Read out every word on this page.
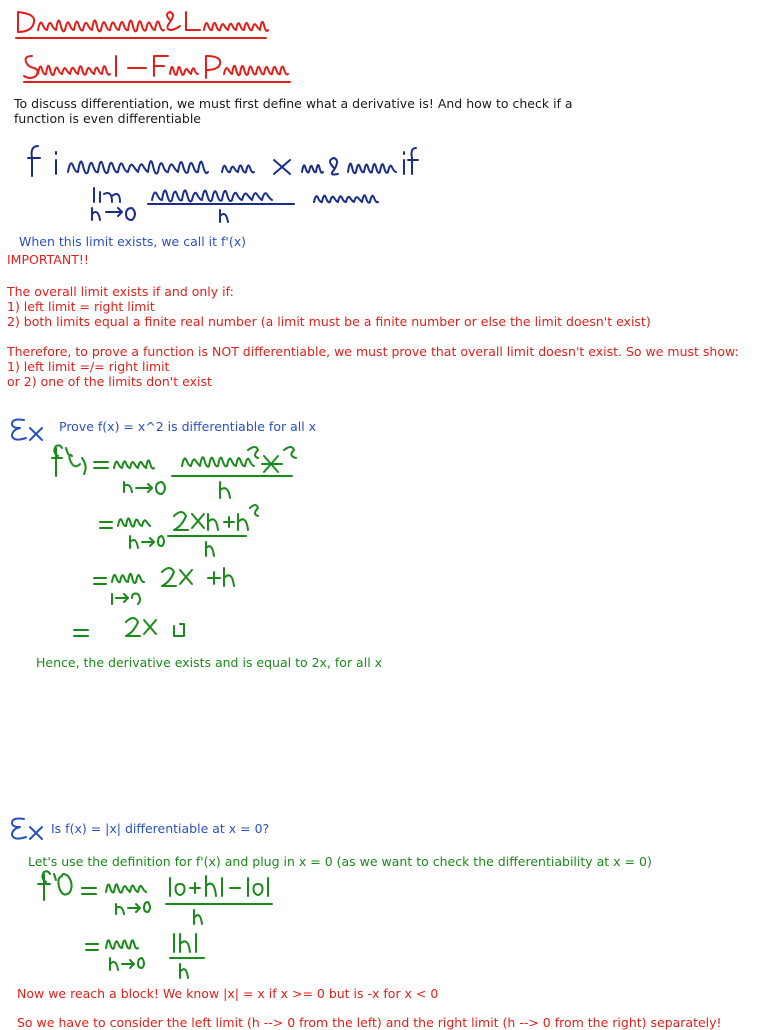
To discuss differentiation, we must first define what a derivative is! And how to check if a

function is even differentiable

When this limit exists, we call it f'(x)

IMPORTANT!!

The overall limit exists if and only if:

1) left limit = right limit

2) both limits equal a finite real number (a limit must be a finite number or else the limit doesn't exist)

Therefore, to prove a function is NOT differentiable, we must prove that overall limit doesn't exist. So we must show:

1) left limit =/= right limit

or 2) one of the limits don't exist

Prove f(x) = x^2 is differentiable for all x

Hence, the derivative exists and is equal to 2x, for all x

Is f(x) = |x| differentiable at x = 0?

Let's use the definition for f'(x) and plug in x = 0 (as we want to check the differentiability at x = 0)

Now we reach a block! We know |x| = x if x >= 0 but is -x for x < 0

So we have to consider the left limit (h --> 0 from the left) and the right limit (h --> 0 from the right) separately!
